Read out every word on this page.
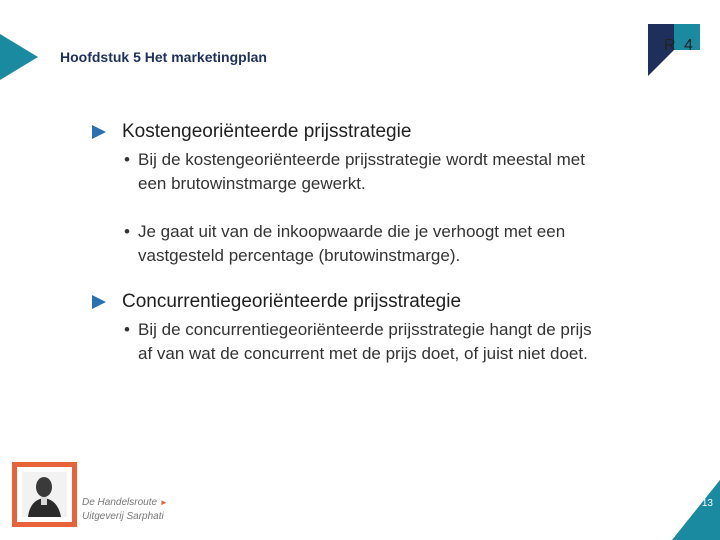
Hoofdstuk 5 Het marketingplan
R 4
Kostengeoriënteerde prijsstrategie
• Bij de kostengeoriënteerde prijsstrategie wordt meestal met
een brutowinstmarge gewerkt.
• Je gaat uit van de inkoopwaarde die je verhoogt met een
vastgesteld percentage (brutowinstmarge).
Concurrentiegeoriënteerde prijsstrategie
• Bij de concurrentiegeoriënteerde prijsstrategie hangt de prijs
af van wat de concurrent met de prijs doet, of juist niet doet.
De Handelsroute ►
Uitgeverij Sarphati
13
